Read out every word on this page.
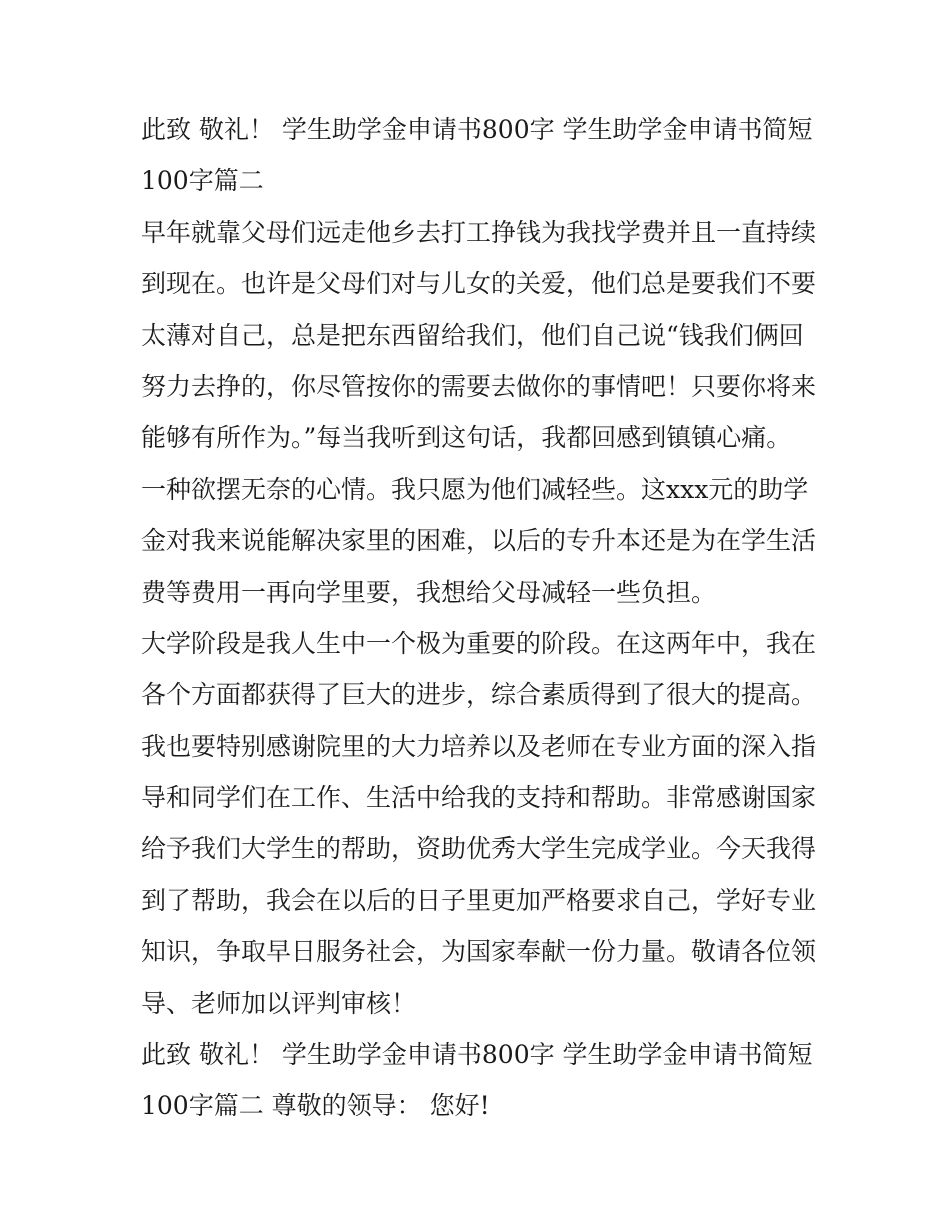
此致 敬礼！ 学生助学金申请书800字 学生助学金申请书简短
100字篇二
早年就靠父母们远走他乡去打工挣钱为我找学费并且一直持续
到现在。也许是父母们对与儿女的关爱，他们总是要我们不要
太薄对自己，总是把东西留给我们，他们自己说“钱我们俩回
努力去挣的，你尽管按你的需要去做你的事情吧！只要你将来
能够有所作为。”每当我听到这句话，我都回感到镇镇心痛。
一种欲摆无奈的心情。我只愿为他们减轻些。这xxx元的助学
金对我来说能解决家里的困难，以后的专升本还是为在学生活
费等费用一再向学里要，我想给父母减轻一些负担。
大学阶段是我人生中一个极为重要的阶段。在这两年中，我在
各个方面都获得了巨大的进步，综合素质得到了很大的提高。
我也要特别感谢院里的大力培养以及老师在专业方面的深入指
导和同学们在工作、生活中给我的支持和帮助。非常感谢国家
给予我们大学生的帮助，资助优秀大学生完成学业。今天我得
到了帮助，我会在以后的日子里更加严格要求自己，学好专业
知识，争取早日服务社会，为国家奉献一份力量。敬请各位领
导、老师加以评判审核！
此致 敬礼！ 学生助学金申请书800字 学生助学金申请书简短
100字篇二 尊敬的领导： 您好!
